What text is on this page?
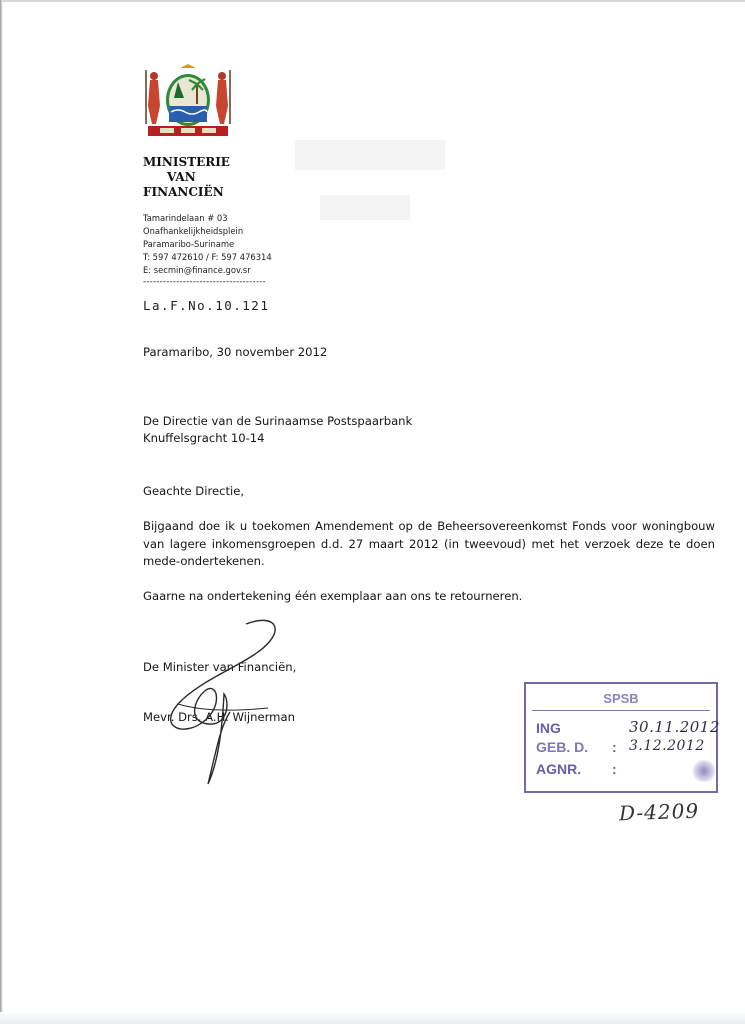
MINISTERIE
VAN
FINANCIËN
Tamarindelaan # 03
Onafhankelijkheidsplein
Paramaribo-Suriname
T: 597 472610 / F: 597 476314
E: secmin@finance.gov.sr
-------------------------------------
La.F.No.10.121
Paramaribo, 30 november 2012
De Directie van de Surinaamse Postspaarbank
Knuffelsgracht 10-14
Geachte Directie,
Bijgaand doe ik u toekomen Amendement op de Beheersovereenkomst Fonds voor woningbouw van lagere inkomensgroepen d.d. 27 maart 2012 (in tweevoud) met het verzoek deze te doen mede-ondertekenen.
Gaarne na ondertekening één exemplaar aan ons te retourneren.
De Minister van Financiën,
Mevr. Drs. A.H. Wijnerman
SPSB
ING
GEB. D.
AGNR.
:
:
30.11.2012
3.12.2012
D-4209
